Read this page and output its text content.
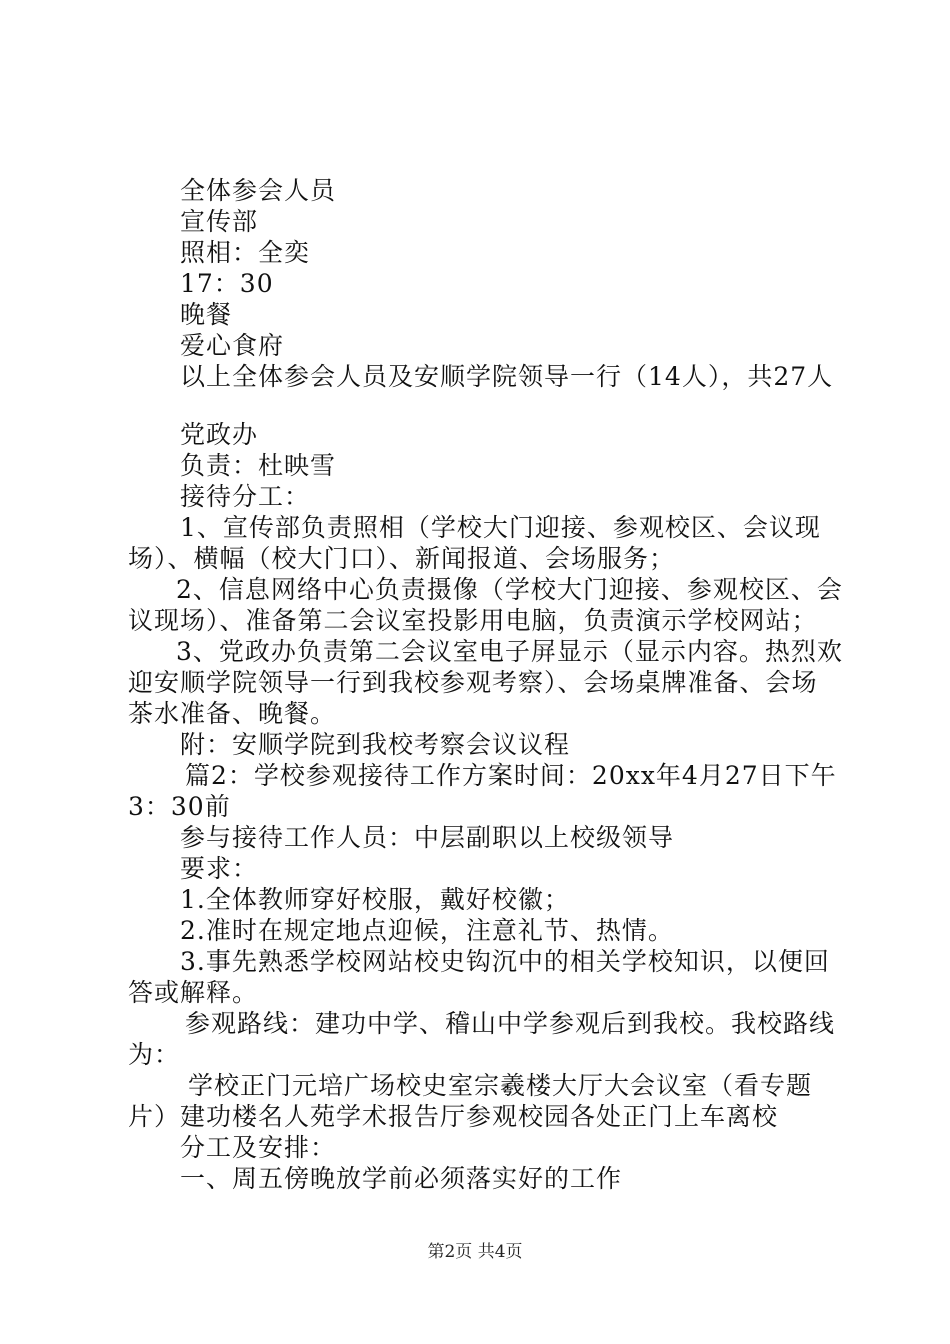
全体参会人员
宣传部
照相：全奕
17：30
晚餐
爱心食府
以上全体参会人员及安顺学院领导一行（14人），共27人
党政办
负责：杜映雪
接待分工：
1、宣传部负责照相（学校大门迎接、参观校区、会议现
场）、横幅（校大门口）、新闻报道、会场服务；
2、信息网络中心负责摄像（学校大门迎接、参观校区、会
议现场）、准备第二会议室投影用电脑，负责演示学校网站；
3、党政办负责第二会议室电子屏显示（显示内容。热烈欢
迎安顺学院领导一行到我校参观考察）、会场桌牌准备、会场
茶水准备、晚餐。
附：安顺学院到我校考察会议议程
篇2：学校参观接待工作方案时间：20xx年4月27日下午
3：30前
参与接待工作人员：中层副职以上校级领导
要求：
1.全体教师穿好校服，戴好校徽；
2.准时在规定地点迎候，注意礼节、热情。
3.事先熟悉学校网站校史钩沉中的相关学校知识，以便回
答或解释。
参观路线：建功中学、稽山中学参观后到我校。我校路线
为：
学校正门元培广场校史室宗羲楼大厅大会议室（看专题
片）建功楼名人苑学术报告厅参观校园各处正门上车离校
分工及安排：
一、周五傍晚放学前必须落实好的工作
第2页 共4页
